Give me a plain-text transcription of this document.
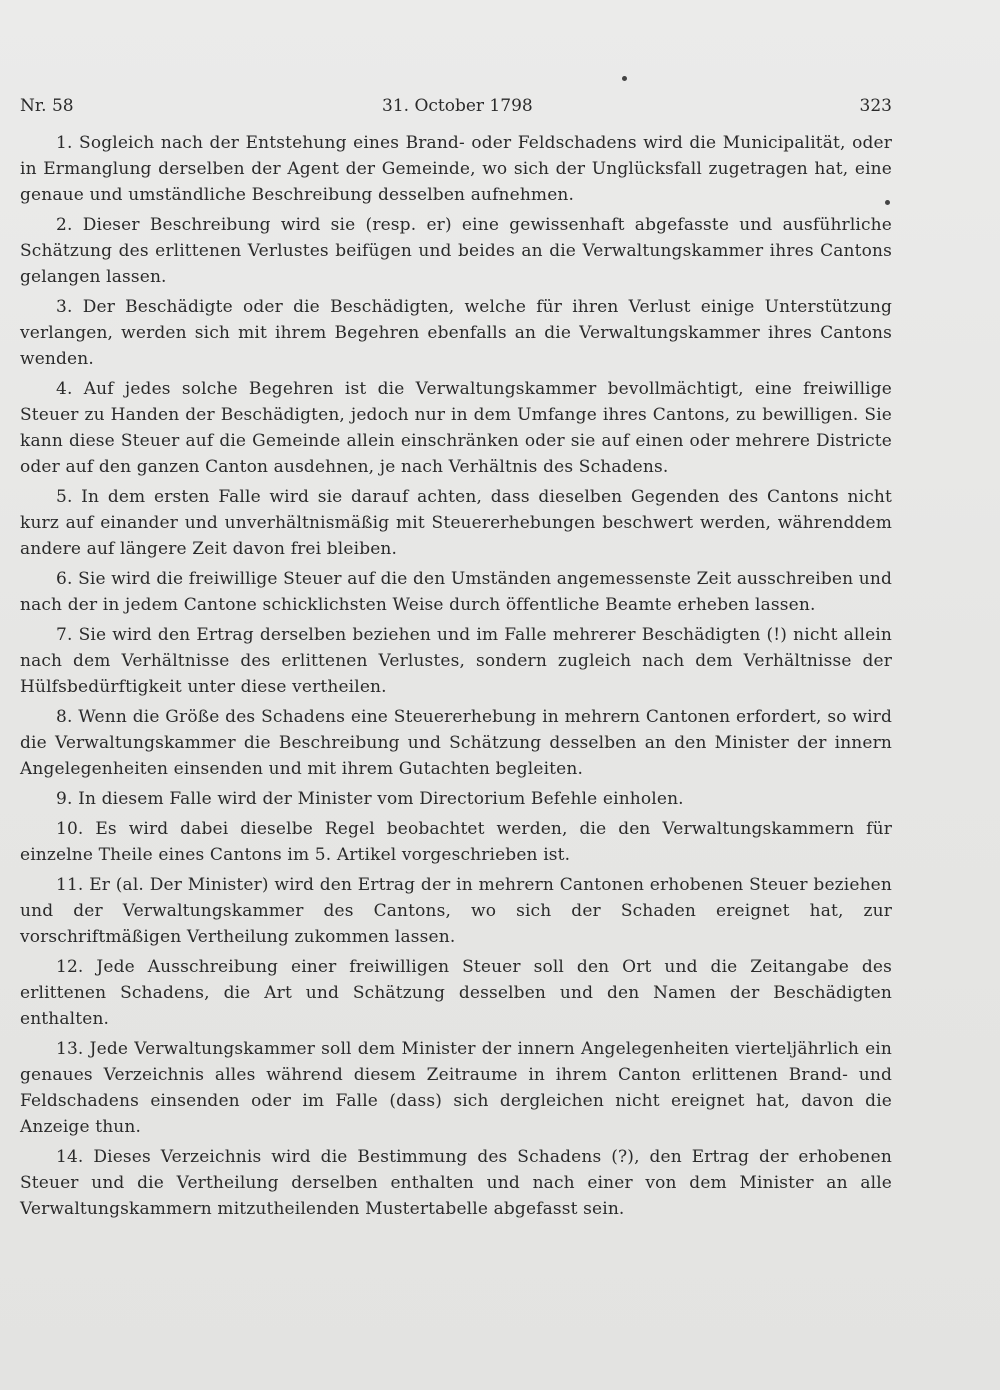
Nr. 58	31. October 1798	323

1. Sogleich nach der Entstehung eines Brand- oder Feldschadens wird die Municipalität, oder in Ermanglung derselben der Agent der Gemeinde, wo sich der Unglücksfall zugetragen hat, eine genaue und umständliche Beschreibung desselben aufnehmen.

2. Dieser Beschreibung wird sie (resp. er) eine gewissenhaft abgefasste und ausführliche Schätzung des erlittenen Verlustes beifügen und beides an die Verwaltungskammer ihres Cantons gelangen lassen.

3. Der Beschädigte oder die Beschädigten, welche für ihren Verlust einige Unterstützung verlangen, werden sich mit ihrem Begehren ebenfalls an die Verwaltungskammer ihres Cantons wenden.

4. Auf jedes solche Begehren ist die Verwaltungskammer bevollmächtigt, eine freiwillige Steuer zu Handen der Beschädigten, jedoch nur in dem Umfange ihres Cantons, zu bewilligen. Sie kann diese Steuer auf die Gemeinde allein einschränken oder sie auf einen oder mehrere Districte oder auf den ganzen Canton ausdehnen, je nach Verhältnis des Schadens.

5. In dem ersten Falle wird sie darauf achten, dass dieselben Gegenden des Cantons nicht kurz auf einander und unverhältnismäßig mit Steuererhebungen beschwert werden, währenddem andere auf längere Zeit davon frei bleiben.

6. Sie wird die freiwillige Steuer auf die den Umständen angemessenste Zeit ausschreiben und nach der in jedem Cantone schicklichsten Weise durch öffentliche Beamte erheben lassen.

7. Sie wird den Ertrag derselben beziehen und im Falle mehrerer Beschädigten (!) nicht allein nach dem Verhältnisse des erlittenen Verlustes, sondern zugleich nach dem Verhältnisse der Hülfsbedürftigkeit unter diese vertheilen.

8. Wenn die Größe des Schadens eine Steuererhebung in mehrern Cantonen erfordert, so wird die Verwaltungskammer die Beschreibung und Schätzung desselben an den Minister der innern Angelegenheiten einsenden und mit ihrem Gutachten begleiten.

9. In diesem Falle wird der Minister vom Directorium Befehle einholen.

10. Es wird dabei dieselbe Regel beobachtet werden, die den Verwaltungskammern für einzelne Theile eines Cantons im 5. Artikel vorgeschrieben ist.

11. Er (al. Der Minister) wird den Ertrag der in mehrern Cantonen erhobenen Steuer beziehen und der Verwaltungskammer des Cantons, wo sich der Schaden ereignet hat, zur vorschriftmäßigen Vertheilung zukommen lassen.

12. Jede Ausschreibung einer freiwilligen Steuer soll den Ort und die Zeitangabe des erlittenen Schadens, die Art und Schätzung desselben und den Namen der Beschädigten enthalten.

13. Jede Verwaltungskammer soll dem Minister der innern Angelegenheiten vierteljährlich ein genaues Verzeichnis alles während diesem Zeitraume in ihrem Canton erlittenen Brand- und Feldschadens einsenden oder im Falle (dass) sich dergleichen nicht ereignet hat, davon die Anzeige thun.

14. Dieses Verzeichnis wird die Bestimmung des Schadens (?), den Ertrag der erhobenen Steuer und die Vertheilung derselben enthalten und nach einer von dem Minister an alle Verwaltungskammern mitzutheilenden Mustertabelle abgefasst sein.
